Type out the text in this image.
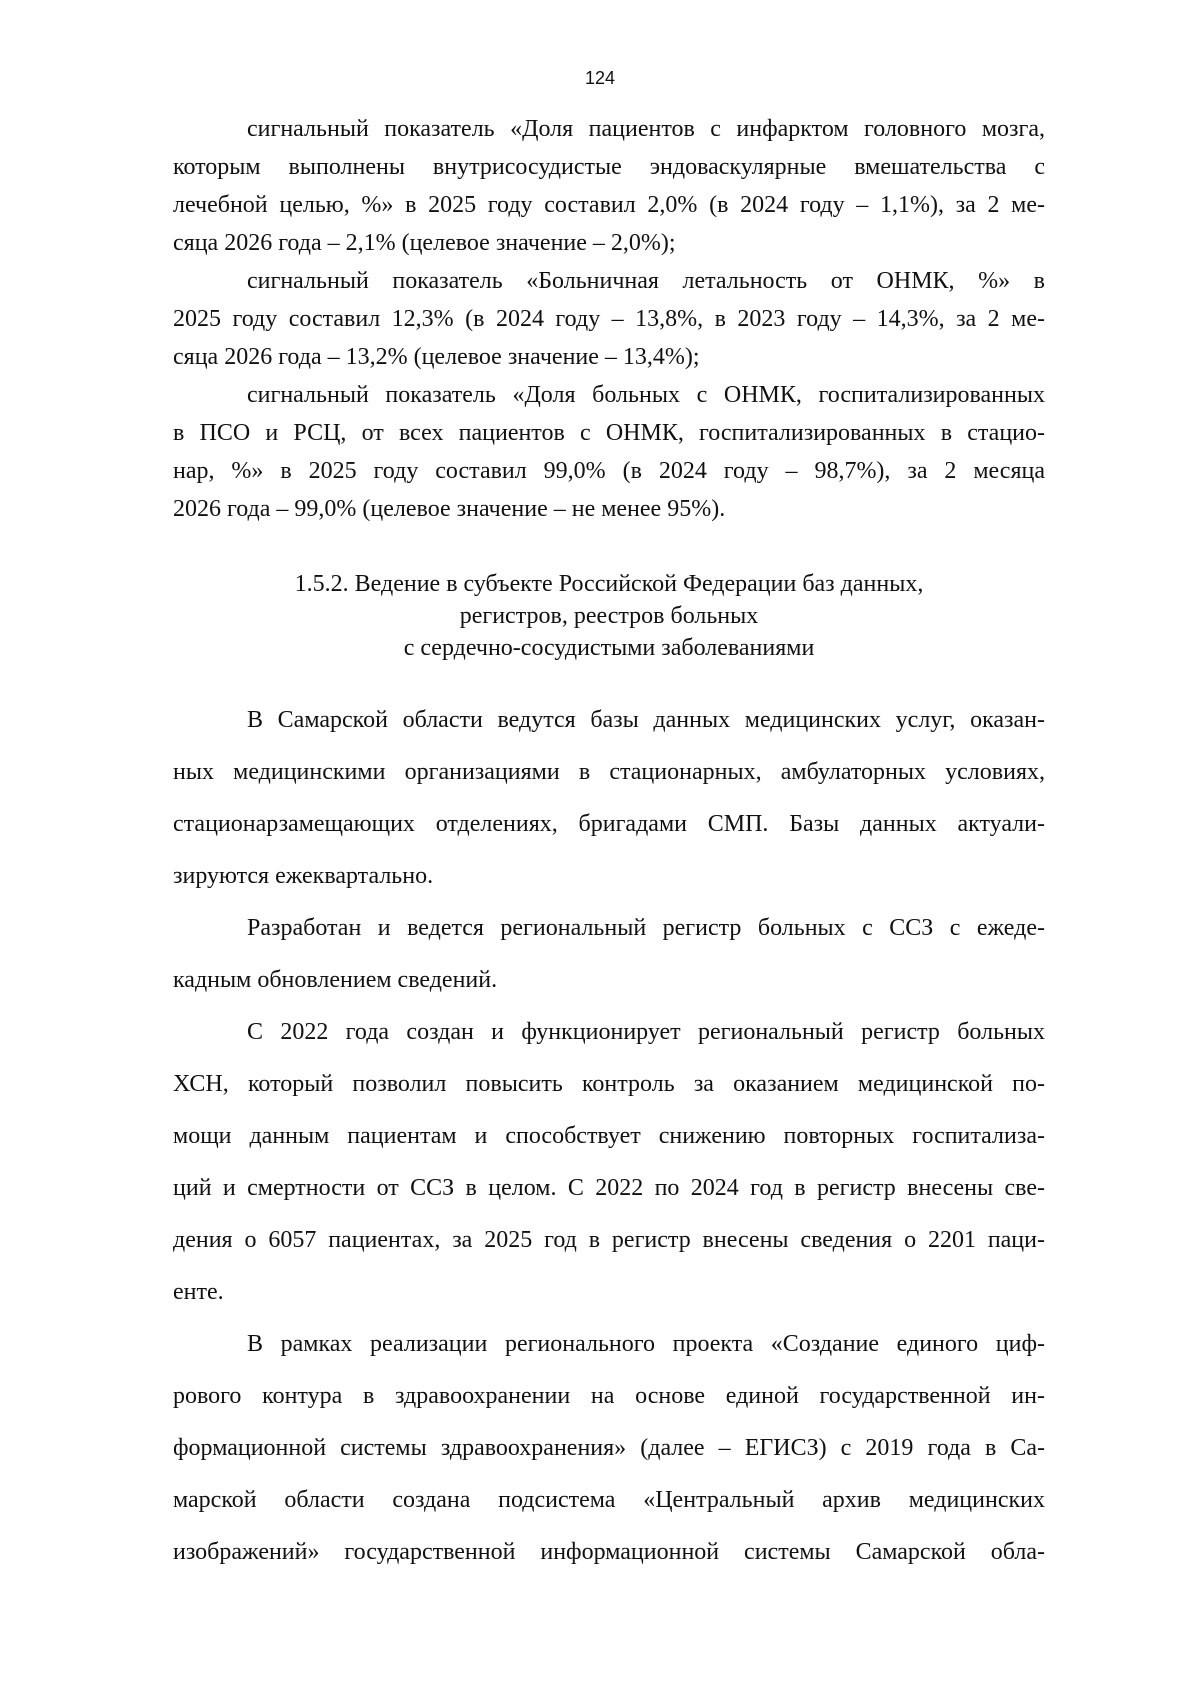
124

сигнальный показатель «Доля пациентов с инфарктом головного мозга,
которым выполнены внутрисосудистые эндоваскулярные вмешательства с
лечебной целью, %» в 2025 году составил 2,0% (в 2024 году – 1,1%), за 2 ме-
сяца 2026 года – 2,1% (целевое значение – 2,0%);

сигнальный показатель «Больничная летальность от ОНМК, %» в
2025 году составил 12,3% (в 2024 году – 13,8%, в 2023 году – 14,3%, за 2 ме-
сяца 2026 года – 13,2% (целевое значение – 13,4%);

сигнальный показатель «Доля больных с ОНМК, госпитализированных
в ПСО и РСЦ, от всех пациентов с ОНМК, госпитализированных в стацио-
нар, %» в 2025 году составил 99,0% (в 2024 году – 98,7%), за 2 месяца
2026 года – 99,0% (целевое значение – не менее 95%).

1.5.2. Ведение в субъекте Российской Федерации баз данных,
регистров, реестров больных
с сердечно-сосудистыми заболеваниями

В Самарской области ведутся базы данных медицинских услуг, оказан-
ных медицинскими организациями в стационарных, амбулаторных условиях,
стационарзамещающих отделениях, бригадами СМП. Базы данных актуали-
зируются ежеквартально.

Разработан и ведется региональный регистр больных с ССЗ с ежеде-
кадным обновлением сведений.

С 2022 года создан и функционирует региональный регистр больных
ХСН, который позволил повысить контроль за оказанием медицинской по-
мощи данным пациентам и способствует снижению повторных госпитализа-
ций и смертности от ССЗ в целом. С 2022 по 2024 год в регистр внесены све-
дения о 6057 пациентах, за 2025 год в регистр внесены сведения о 2201 паци-
енте.

В рамках реализации регионального проекта «Создание единого циф-
рового контура в здравоохранении на основе единой государственной ин-
формационной системы здравоохранения» (далее – ЕГИСЗ) с 2019 года в Са-
марской области создана подсистема «Центральный архив медицинских
изображений» государственной информационной системы Самарской обла-
